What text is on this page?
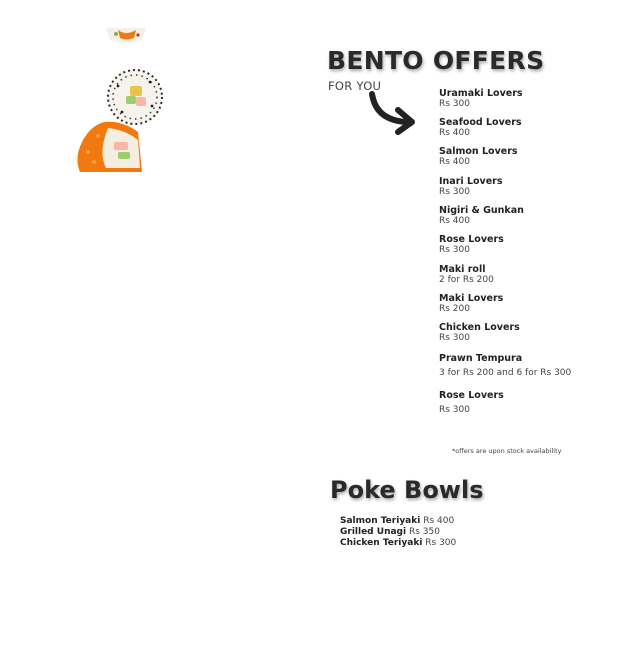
BENTO OFFERS
FOR YOU
Uramaki Lovers
Rs 300
Seafood Lovers
Rs 400
Salmon Lovers
Rs 400
Inari Lovers
Rs 300
Nigiri & Gunkan
Rs 400
Rose Lovers
Rs 300
Maki roll
2 for Rs 200
Maki Lovers
Rs 200
Chicken Lovers
Rs 300
Prawn Tempura
3 for Rs 200 and 6 for Rs 300
Rose Lovers
Rs 300
*offers are upon stock availability
Poke Bowls
Salmon Teriyaki Rs 400
Grilled Unagi Rs 350
Chicken Teriyaki Rs 300
